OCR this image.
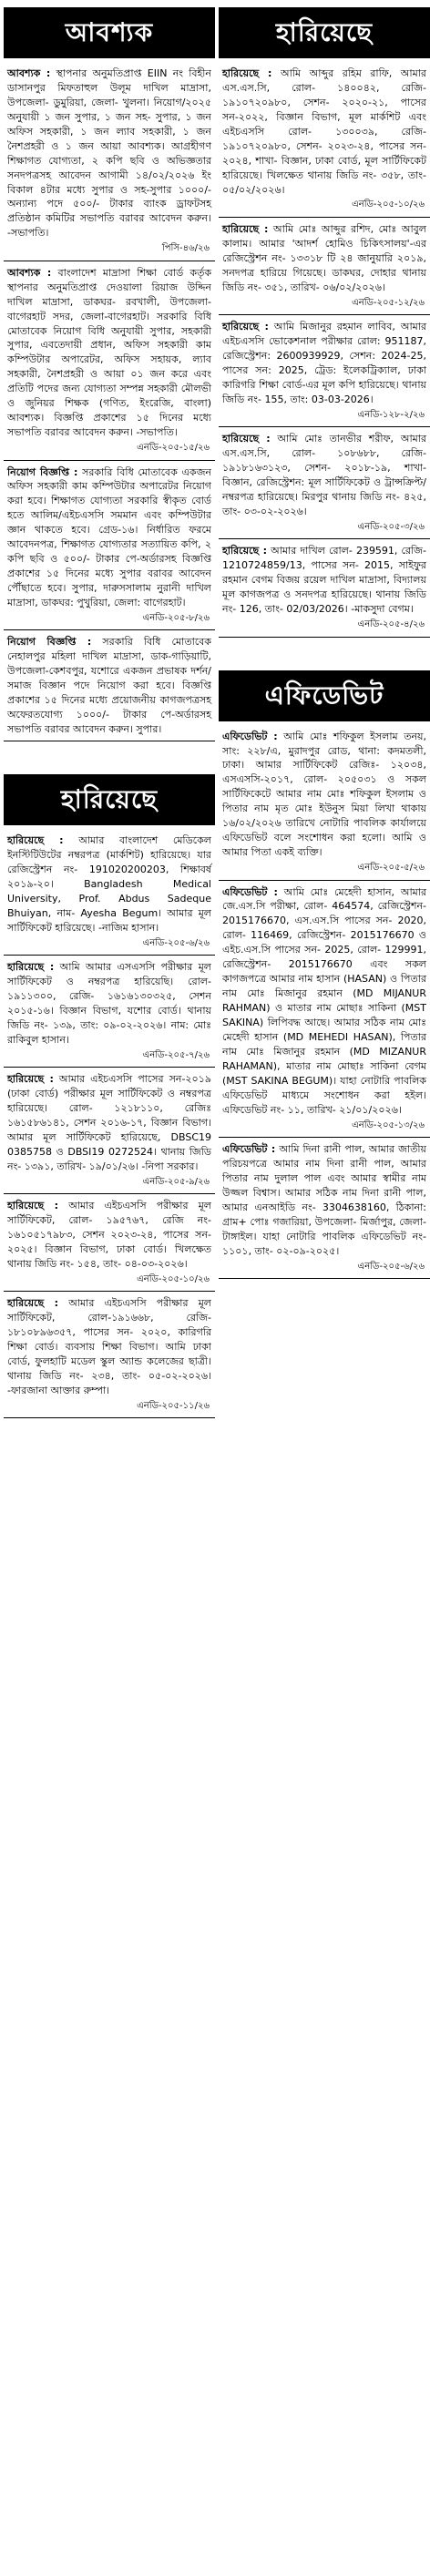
আবশ্যক
আবশ্যক : স্থাপনার অনুমতিপ্রাপ্ত EIIN নং বিহীন ডাসানপুর মিফতাহুল উলূম দাখিল মাদ্রাসা, উপজেলা- ডুমুরিয়া, জেলা- খুলনা। নিয়োগ/২০২৫ অনুযায়ী ১ জন সুপার, ১ জন সহ- সুপার, ১ জন অফিস সহকারী, ১ জন ল্যাব সহকারী, ১ জন নৈশপ্রহরী ও ১ জন আয়া আবশ্যক। আগ্রহীগণ শিক্ষাগত যোগ্যতা, ২ কপি ছবি ও অভিজ্ঞতার সনদপত্রসহ আবেদন আগামী ১৪/০২/২০২৬ ইং বিকাল ৪টার মধ্যে সুপার ও সহ-সুপার ১০০০/- অন্যান্য পদে ৫০০/- টাকার ব্যাংক ড্রাফটসহ প্রতিষ্ঠান কমিটির সভাপতি বরাবর আবেদন করুন। -সভাপতি।
পিসি-৪৬/২৬
আবশ্যক : বাংলাদেশ মাদ্রাসা শিক্ষা বোর্ড কর্তৃক স্থাপনার অনুমতিপ্রাপ্ত দেওয়ালা রিয়াজ উদ্দিন দাখিল মাদ্রাসা, ডাকঘর- রবখালী, উপজেলা-বাগেরহাট সদর, জেলা-বাগেরহাট। সরকারি বিধি মোতাবেক নিয়োগ বিধি অনুযায়ী সুপার, সহকারী সুপার, এবতেদায়ী প্রধান, অফিস সহকারী কাম কম্পিউটার অপারেটর, অফিস সহায়ক, ল্যাব সহকারী, নৈশপ্রহরী ও আয়া ০১ জন করে এবং প্রতিটি পদের জন্য যোগ্যতা সম্পন্ন সহকারী মৌলভী ও জুনিয়র শিক্ষক (গণিত, ইংরেজি, বাংলা) আবশ্যক। বিজ্ঞপ্তি প্রকাশের ১৫ দিনের মধ্যে সভাপতি বরাবর আবেদন করুন। -সভাপতি।
এনডি-২০৫-১৫/২৬
নিয়োগ বিজ্ঞপ্তি : সরকারি বিধি মোতাবেক একজন অফিস সহকারী কাম কম্পিউটার অপারেটর নিয়োগ করা হবে। শিক্ষাগত যোগ্যতা সরকারি স্বীকৃত বোর্ড হতে আলিম/এইচএসসি সমমান এবং কম্পিউটার জ্ঞান থাকতে হবে। গ্রেড-১৬। নির্ধারিত ফরমে আবেদনপত্র, শিক্ষাগত যোগ্যতার সত্যায়িত কপি, ২ কপি ছবি ও ৫০০/- টাকার পে-অর্ডারসহ বিজ্ঞপ্তি প্রকাশের ১৫ দিনের মধ্যে সুপার বরাবর আবেদন পৌঁছাতে হবে। সুপার, দারুসসালাম নুরানী দাখিল মাদ্রাসা, ডাকঘর: পুখুরিয়া, জেলা: বাগেরহাট।
এনডি-২০৫-৮/২৬
নিয়োগ বিজ্ঞপ্তি : সরকারি বিধি মোতাবেক নেহালপুর মহিলা দাখিল মাদ্রাসা, ডাক-গাড়িয়াটি, উপজেলা-কেশবপুর, যশোরে একজন প্রভাষক দর্শন/সমাজ বিজ্ঞান পদে নিয়োগ করা হবে। বিজ্ঞপ্তি প্রকাশের ১৫ দিনের মধ্যে প্রয়োজনীয় কাগজপত্রসহ অফেরতযোগ্য ১০০০/- টাকার পে-অর্ডারসহ সভাপতি বরাবর আবেদন করুন। সুপার।
হারিয়েছে
হারিয়েছে : আমার বাংলাদেশ মেডিকেল ইনস্টিটিউটের নম্বরপত্র (মার্কশিট) হারিয়েছে। যার রেজিস্ট্রেশন নং- 191020200203, শিক্ষাবর্ষ ২০১৯-২০। Bangladesh Medical University, Prof. Abdus Sadeque Bhuiyan, নাম- Ayesha Begum। আমার মূল সার্টিফিকেট হারিয়েছে। -নাজিম হাসান।
এনডি-২০৫-৬/২৬
হারিয়েছে : আমি আমার এসএসসি পরীক্ষার মূল সার্টিফিকেট ও নম্বরপত্র হারিয়েছি। রোল- ১৯১১৩০০, রেজি- ১৬১৬১৩০৩২৫, সেশন ২০১৫-১৬। বিজ্ঞান বিভাগ, যশোর বোর্ড। থানায় জিডি নং- ১৩৯, তাং: ০৯-০২-২০২৬। নাম: মোঃ রাকিবুল হাসান।
এনডি-২০৫-৭/২৬
হারিয়েছে : আমার এইচএসসি পাসের সন-২০১৯ (ঢাকা বোর্ড) পরীক্ষার মূল সার্টিফিকেট ও নম্বরপত্র হারিয়েছে। রোল- ১২১৮১১০, রেজিঃ ১৬১৫৮৬১৪১, সেশন ২০১৬-১৭, বিজ্ঞান বিভাগ। আমার মূল সার্টিফিকেট হারিয়েছে, DBSC19 0385758 ও DBSI19 0272524। থানায় জিডি নং- ১৩৯১, তারিখ- ১৯/০১/২৬। -নিপা সরকার।
এনডি-২০৫-৯/২৬
হারিয়েছে : আমার এইচএসসি পরীক্ষার মূল সার্টিফিকেট, রোল- ১৯৫৭৬৭, রেজি নং- ১৬১০৫১৭৯৮৩, সেশন ২০২৩-২৪, পাসের সন- ২০২৫। বিজ্ঞান বিভাগ, ঢাকা বোর্ড। খিলক্ষেত থানায় জিডি নং- ১৫৪, তাং- ০৪-০৩-২০২৬।
এনডি-২০৫-১০/২৬
হারিয়েছে : আমার এইচএসসি পরীক্ষার মূল সার্টিফিকেট, রোল-১৯১৬৬৮, রেজি- ১৮১০৮৯৬৩৫৭, পাসের সন- ২০২০, কারিগরি শিক্ষা বোর্ড। ব্যবসায় শিক্ষা বিভাগ। আমি ঢাকা বোর্ড, ফুলহাটি মডেল স্কুল অ্যান্ড কলেজের ছাত্রী। থানায় জিডি নং- ২৩৪, তাং- ০৫-০২-২০২৬। -ফারজানা আক্তার রুম্পা।
এনডি-২০৫-১১/২৬
হারিয়েছে
হারিয়েছে : আমি আব্দুর রহিম রাফি, আমার এস.এস.সি, রোল- ১৪০০৪২, রেজি- ১৯১০৭২০৯৮০, সেশন- ২০২০-২১, পাসের সন-২০২২, বিজ্ঞান বিভাগ, মূল মার্কশিট এবং এইচএসসি রোল- ১৩০০৩৯, রেজি- ১৯১০৭২০৯৮০, সেশন- ২০২৩-২৪, পাসের সন- ২০২৪, শাখা- বিজ্ঞান, ঢাকা বোর্ড, মূল সার্টিফিকেট হারিয়েছে। খিলক্ষেত থানায় জিডি নং- ৩৫৮, তাং- ০৫/০২/২০২৬।
এনডি-২০৫-১০/২৬
হারিয়েছে : আমি মোঃ আব্দুর রশিদ, মোঃ আবুল কালাম। আমার 'আদর্শ হোমিও চিকিৎসালয়'-এর রেজিস্ট্রেশন নং- ১৩৩১৮ টি ২৪ জানুয়ারি ২০১৯, সনদপত্র হারিয়ে গিয়েছে। ডাকঘর, দোহার থানায় জিডি নং- ৩৫১, তারিখ- ০৬/০২/২০২৬।
এনডি-২০৫-১২/২৬
হারিয়েছে : আমি মিজানুর রহমান লাবিব, আমার এইচএসসি ভোকেশনাল পরীক্ষার রোল: 951187, রেজিস্ট্রেশন: 2600939929, সেশন: 2024-25, পাসের সন: 2025, ট্রেড: ইলেকট্রিক্যাল, ঢাকা কারিগরি শিক্ষা বোর্ড-এর মূল কপি হারিয়েছে। থানায় জিডি নং- 155, তাং: 03-03-2026।
এনডি-১২৮-২/২৬
হারিয়েছে : আমি মোঃ তানভীর শরীফ, আমার এস.এস.সি, রোল- ১০৮৬৮৮, রেজি- ১৯১৮১৬৩১২৩, সেশন- ২০১৮-১৯, শাখা- বিজ্ঞান, রেজিস্ট্রেশন: মূল সার্টিফিকেট ও ট্রান্সক্রিপ্ট/নম্বরপত্র হারিয়েছে। মিরপুর থানায় জিডি নং- ৪২৫, তাং- ০৩-০২-২০২৬।
এনডি-২০৫-৩/২৬
হারিয়েছে : আমার দাখিল রোল- 239591, রেজি- 1210724859/13, পাসের সন- 2015, সাইফুর রহমান বেগম বিজয় রয়েল দাখিল মাদ্রাসা, বিদ্যালয় মূল কাগজপত্র ও সনদপত্র হারিয়েছে। থানায় জিডি নং- 126, তাং- 02/03/2026। -মাকসুদা বেগম।
এনডি-২০৫-৪/২৬
এফিডেভিট
এফিডেভিট : আমি মোঃ শফিকুল ইসলাম তনয়, সাং: ২২৮/এ, মুরাদপুর রোড, থানা: কদমতলী, ঢাকা। আমার সার্টিফিকেট রেজিঃ- ১২০৩৪, এসএসসি-২০১৭, রোল- ২০৫০৩১ ও সকল সার্টিফিকেটে আমার নাম মোঃ শফিকুল ইসলাম ও পিতার নাম মৃত মোঃ ইউনুস মিয়া লিখা থাকায় ১৬/০২/২০২৬ তারিখে নোটারি পাবলিক কার্যালয়ে এফিডেভিট বলে সংশোধন করা হলো। আমি ও আমার পিতা একই ব্যক্তি।
এনডি-২০৫-৫/২৬
এফিডেভিট : আমি মোঃ মেহেদী হাসান, আমার জে.এস.সি পরীক্ষা, রোল- 464574, রেজিস্ট্রেশন- 2015176670, এস.এস.সি পাসের সন- 2020, রোল- 116469, রেজিস্ট্রেশন- 2015176670 ও এইচ.এস.সি পাসের সন- 2025, রোল- 129991, রেজিস্ট্রেশন- 2015176670 এবং সকল কাগজপত্রে আমার নাম হাসান (HASAN) ও পিতার নাম মোঃ মিজানুর রহমান (MD MIJANUR RAHMAN) ও মাতার নাম মোছাঃ সাকিনা (MST SAKINA) লিপিবদ্ধ আছে। আমার সঠিক নাম মোঃ মেহেদী হাসান (MD MEHEDI HASAN), পিতার নাম মোঃ মিজানুর রহমান (MD MIZANUR RAHAMAN), মাতার নাম মোছাঃ সাকিনা বেগম (MST SAKINA BEGUM)। যাহা নোটারি পাবলিক এফিডেভিট মাধ্যমে সংশোধন করা হইল। এফিডেভিট নং- ১১, তারিখ- ২১/০১/২০২৬।
এনডি-২০৫-১৩/২৬
এফিডেভিট : আমি দিনা রানী পাল, আমার জাতীয় পরিচয়পত্রে আমার নাম দিনা রানী পাল, আমার পিতার নাম দুলাল পাল এবং আমার স্বামীর নাম উজ্জল বিশ্বাস। আমার সঠিক নাম দিনা রানী পাল, আমার এনআইডি নং- 3304638160, ঠিকানা: গ্রাম+ পোঃ গজারিয়া, উপজেলা- মির্জাপুর, জেলা- টাঙ্গাইল। যাহা নোটারি পাবলিক এফিডেভিট নং- ১১০১, তাং- ০২-০৯-২০২৫।
এনডি-২০৫-৬/২৬
